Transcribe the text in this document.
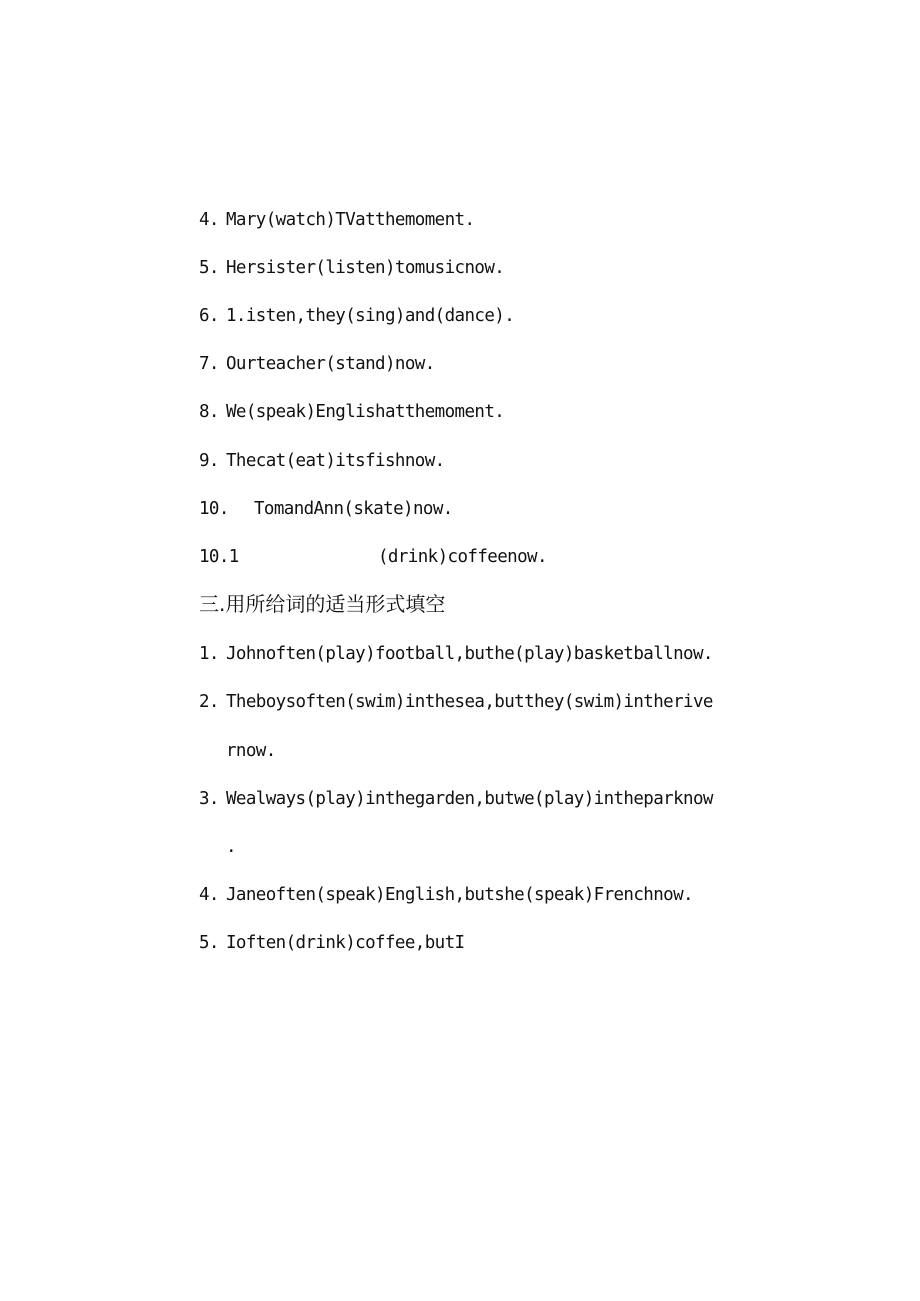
4. Mary(watch)TVatthemoment.
5. Hersister(listen)tomusicnow.
6. 1.isten,they(sing)and(dance).
7. Ourteacher(stand)now.
8. We(speak)Englishatthemoment.
9. Thecat(eat)itsfishnow.
10. TomandAnn(skate)now.
10.1	(drink)coffeenow.
三.用所给词的适当形式填空
1. Johnoften(play)football,buthe(play)basketballnow.
2. Theboysoften(swim)inthesea,butthey(swim)intherive
rnow.
3. Wealways(play)inthegarden,butwe(play)intheparknow
.
4. Janeoften(speak)English,butshe(speak)Frenchnow.
5. Ioften(drink)coffee,butI
